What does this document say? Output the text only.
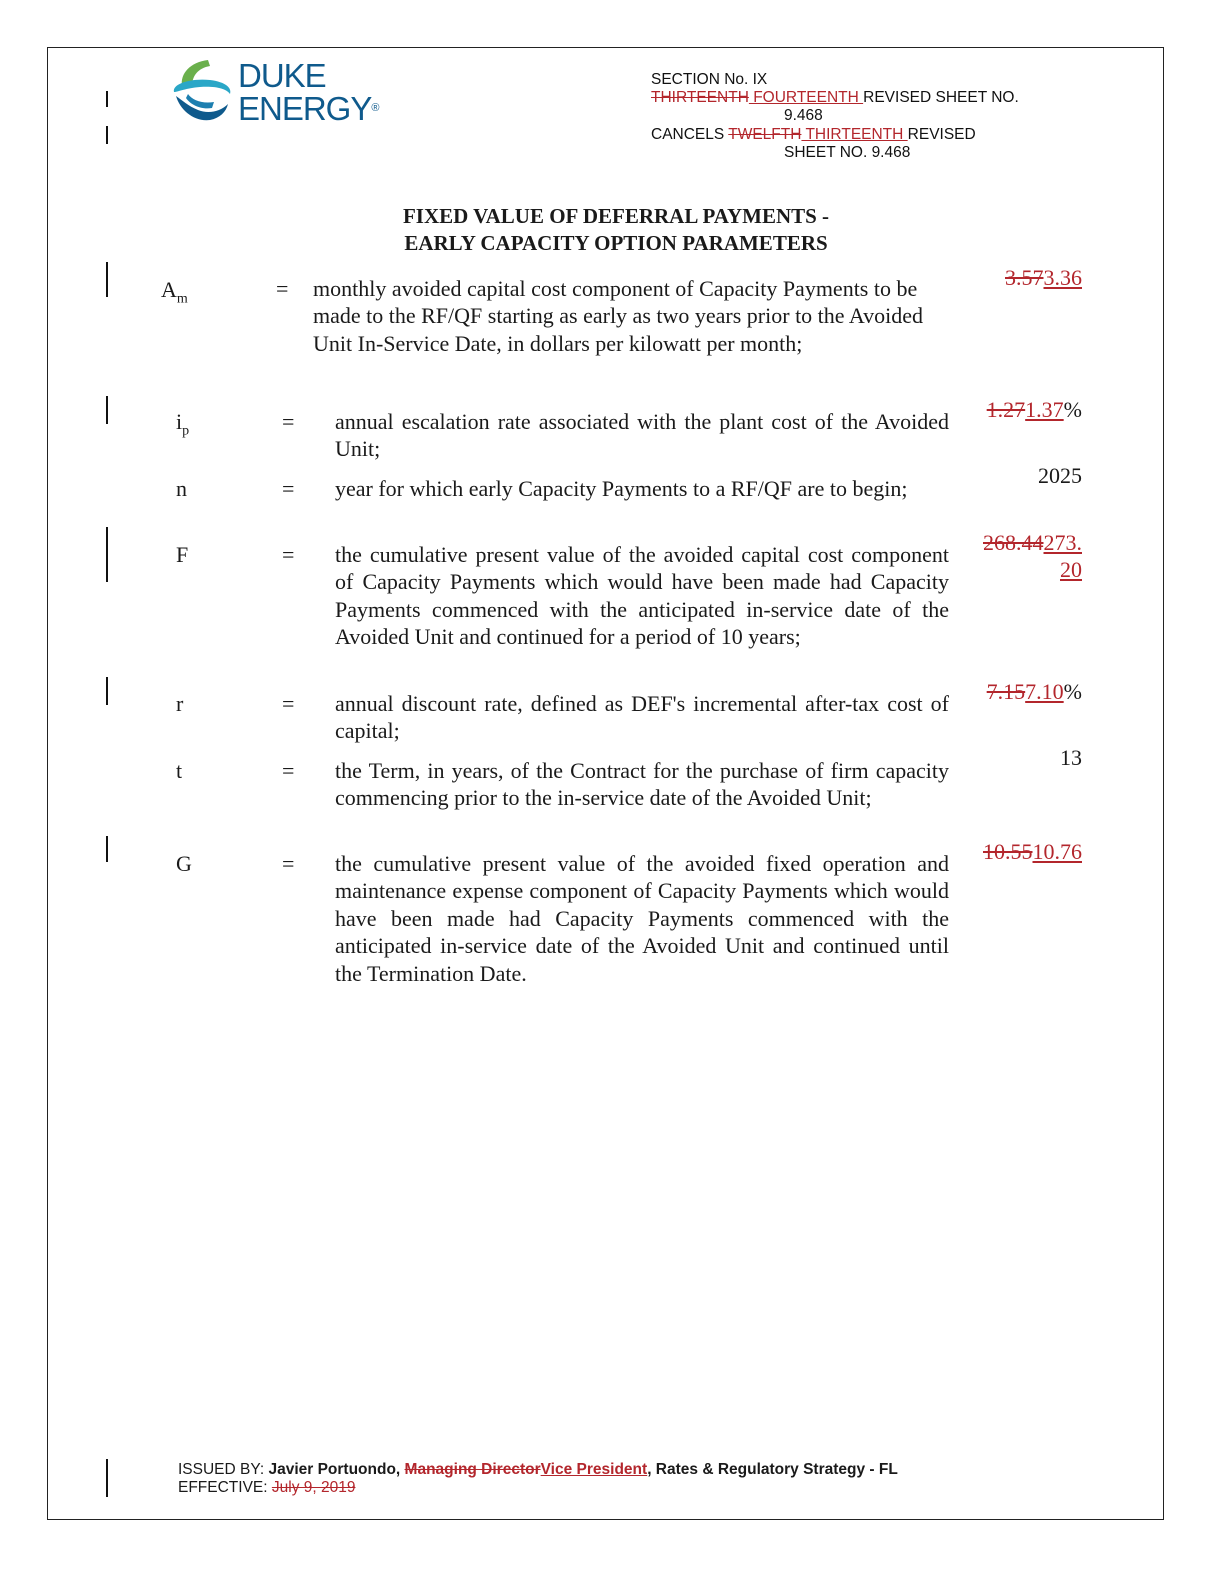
DUKE
ENERGY®
SECTION No. IX
THIRTEENTH FOURTEENTH REVISED SHEET NO.
9.468
CANCELS TWELFTH THIRTEENTH REVISED
SHEET NO. 9.468
FIXED VALUE OF DEFERRAL PAYMENTS -
EARLY CAPACITY OPTION PARAMETERS
$A_m$	= monthly avoided capital cost component of Capacity Payments to be made to the RF/QF starting as early as two years prior to the Avoided Unit In-Service Date, in dollars per kilowatt per month;
3.573.36
$i_p$	= annual escalation rate associated with the plant cost of the Avoided Unit;
1.271.37%
n	= year for which early Capacity Payments to a RF/QF are to begin;
2025
F	= the cumulative present value of the avoided capital cost component of Capacity Payments which would have been made had Capacity Payments commenced with the anticipated in-service date of the Avoided Unit and continued for a period of 10 years;
268.44273.
20
r	= annual discount rate, defined as DEF's incremental after-tax cost of capital;
7.157.10%
t	= the Term, in years, of the Contract for the purchase of firm capacity commencing prior to the in-service date of the Avoided Unit;
13
G	= the cumulative present value of the avoided fixed operation and maintenance expense component of Capacity Payments which would have been made had Capacity Payments commenced with the anticipated in-service date of the Avoided Unit and continued until the Termination Date.
10.5510.76
ISSUED BY: Javier Portuondo, Managing DirectorVice President, Rates & Regulatory Strategy - FL
EFFECTIVE: July 9, 2019
